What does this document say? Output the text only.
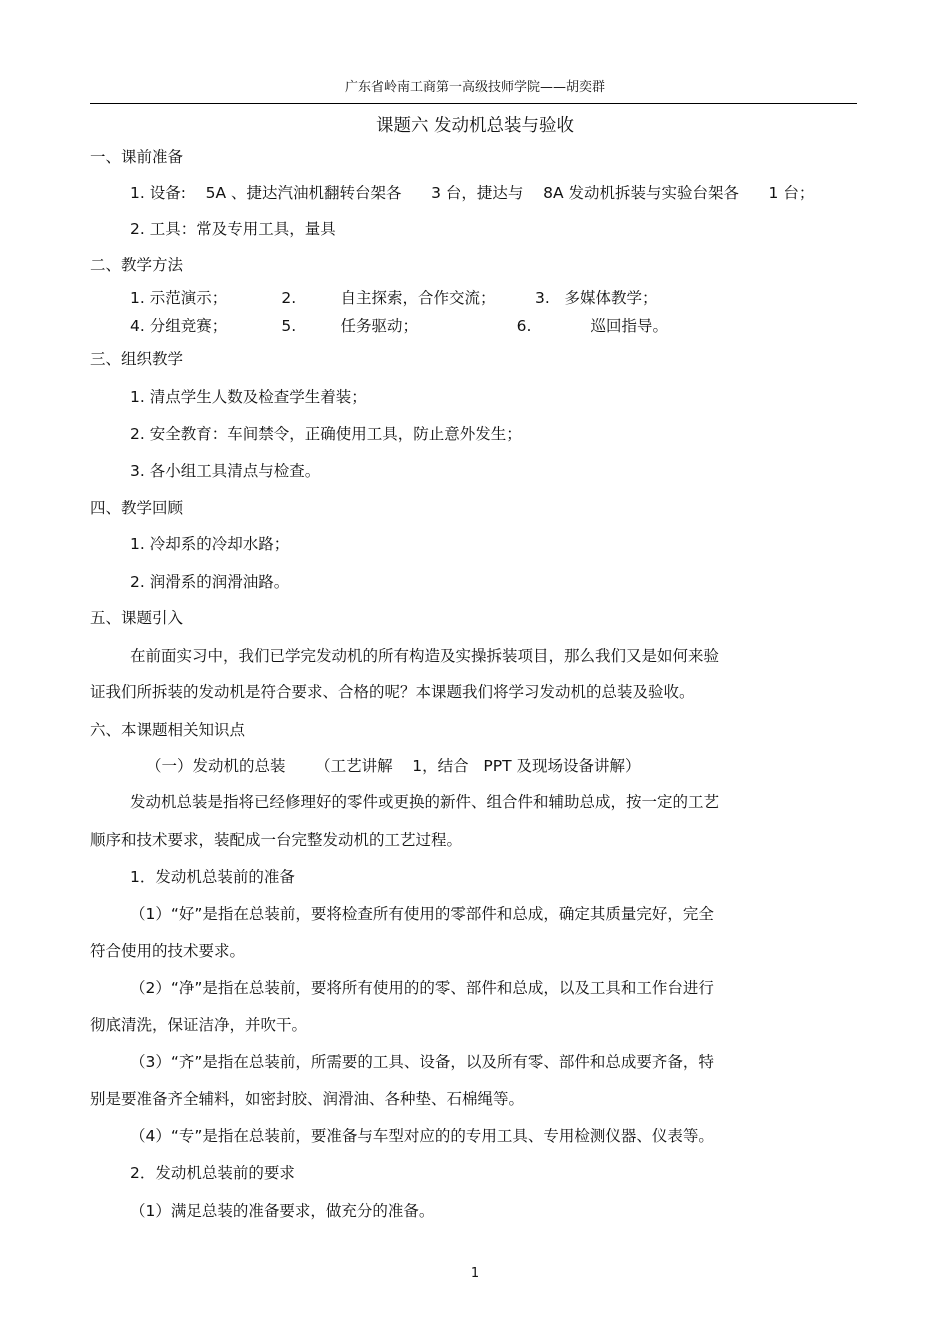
广东省岭南工商第一高级技师学院——胡奕群
课题六 发动机总装与验收
一、课前准备
1. 设备:    5A 、捷达汽油机翻转台架各      3 台，捷达与    8A 发动机拆装与实验台架各      1 台；
2. 工具：常及专用工具，量具
二、教学方法
1. 示范演示；           2.         自主探索，合作交流；        3.   多媒体教学；
4. 分组竞赛；           5.         任务驱动；                    6.            巡回指导。
三、组织教学
1. 清点学生人数及检查学生着装；
2. 安全教育：车间禁令，正确使用工具，防止意外发生；
3. 各小组工具清点与检查。
四、教学回顾
1. 冷却系的冷却水路；
2. 润滑系的润滑油路。
五、课题引入
在前面实习中，我们已学完发动机的所有构造及实操拆装项目，那么我们又是如何来验
证我们所拆装的发动机是符合要求、合格的呢？本课题我们将学习发动机的总装及验收。
六、本课题相关知识点
（一）发动机的总装      （工艺讲解    1，结合   PPT 及现场设备讲解）
发动机总装是指将已经修理好的零件或更换的新件、组合件和辅助总成，按一定的工艺
顺序和技术要求，装配成一台完整发动机的工艺过程。
1．发动机总装前的准备
（1）“好”是指在总装前，要将检查所有使用的零部件和总成，确定其质量完好，完全
符合使用的技术要求。
（2）“净”是指在总装前，要将所有使用的的零、部件和总成，以及工具和工作台进行
彻底清洗，保证洁净，并吹干。
（3）“齐”是指在总装前，所需要的工具、设备，以及所有零、部件和总成要齐备，特
别是要准备齐全辅料，如密封胶、润滑油、各种垫、石棉绳等。
（4）“专”是指在总装前，要准备与车型对应的的专用工具、专用检测仪器、仪表等。
2．发动机总装前的要求
（1）满足总装的准备要求，做充分的准备。
1
